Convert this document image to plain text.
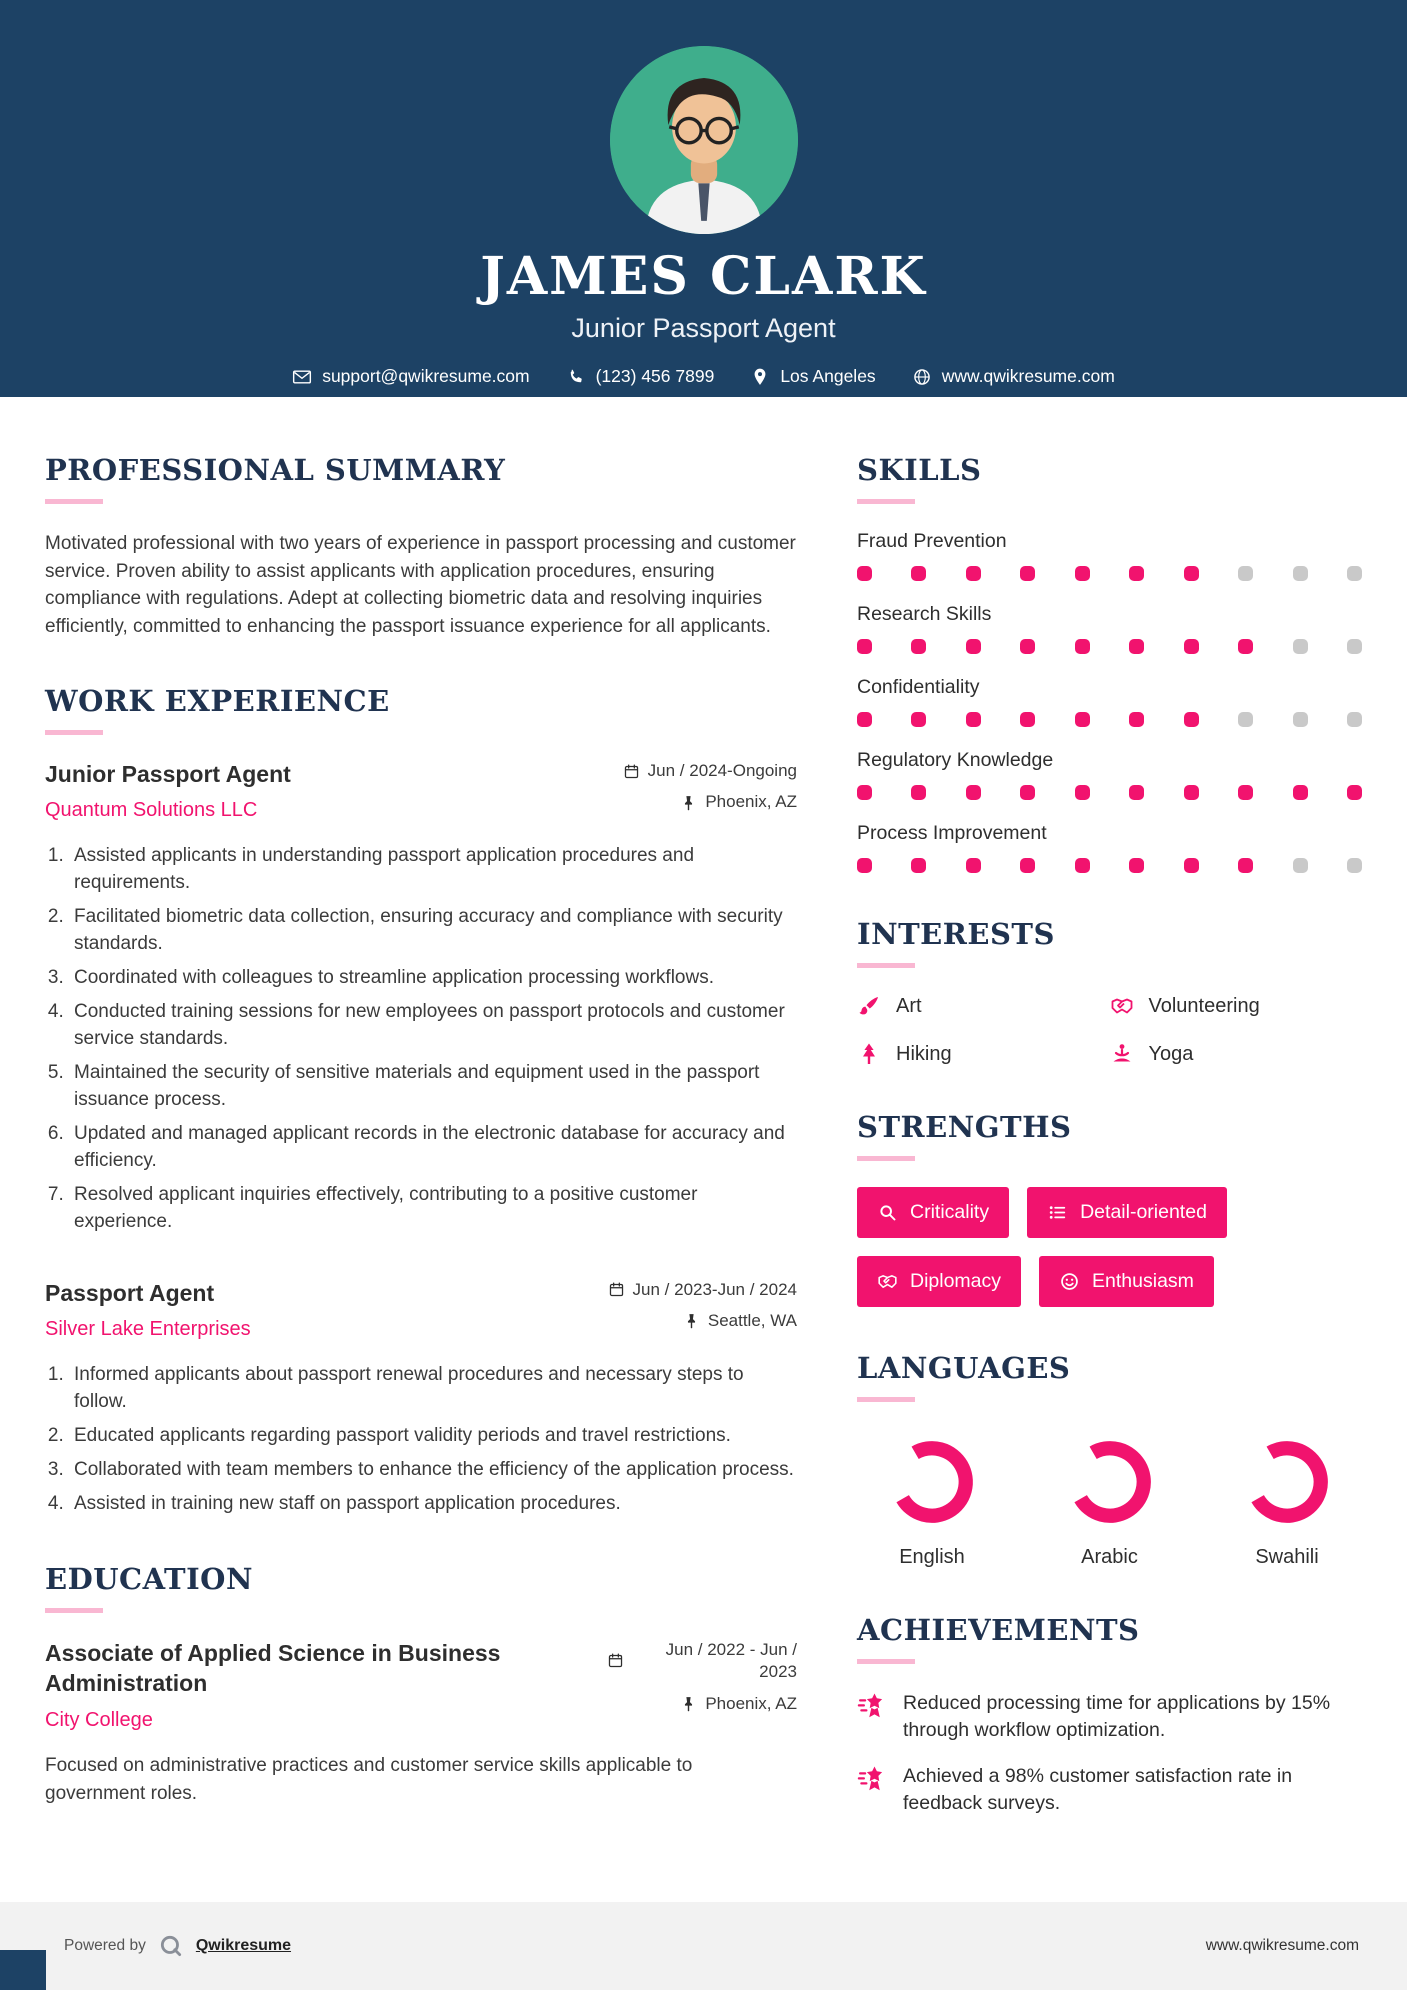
JAMES CLARK
Junior Passport Agent
support@qwikresume.com	(123) 456 7899	Los Angeles	www.qwikresume.com
PROFESSIONAL SUMMARY

Motivated professional with two years of experience in passport processing and customer service. Proven ability to assist applicants with application procedures, ensuring compliance with regulations. Adept at collecting biometric data and resolving inquiries efficiently, committed to enhancing the passport issuance experience for all applicants.

WORK EXPERIENCE
Junior Passport Agent
Quantum Solutions LLC
Jun / 2024-Ongoing
Phoenix, AZ
1. Assisted applicants in understanding passport application procedures and requirements.
2. Facilitated biometric data collection, ensuring accuracy and compliance with security standards.
3. Coordinated with colleagues to streamline application processing workflows.
4. Conducted training sessions for new employees on passport protocols and customer service standards.
5. Maintained the security of sensitive materials and equipment used in the passport issuance process.
6. Updated and managed applicant records in the electronic database for accuracy and efficiency.
7. Resolved applicant inquiries effectively, contributing to a positive customer experience.
Passport Agent
Silver Lake Enterprises
Jun / 2023-Jun / 2024
Seattle, WA
1. Informed applicants about passport renewal procedures and necessary steps to follow.
2. Educated applicants regarding passport validity periods and travel restrictions.
3. Collaborated with team members to enhance the efficiency of the application process.
4. Assisted in training new staff on passport application procedures.
EDUCATION
Associate of Applied Science in Business Administration
City College
Jun / 2022 - Jun / 2023
Phoenix, AZ

Focused on administrative practices and customer service skills applicable to government roles.

SKILLS
Fraud Prevention
Research Skills
Confidentiality
Regulatory Knowledge
Process Improvement
INTERESTS
Art	Volunteering
Hiking	Yoga
STRENGTHS
Criticality	Detail-oriented
Diplomacy	Enthusiasm
LANGUAGES
English	Arabic	Swahili
ACHIEVEMENTS
Reduced processing time for applications by 15% through workflow optimization.
Achieved a 98% customer satisfaction rate in feedback surveys.
Powered by	Qwikresume	www.qwikresume.com
